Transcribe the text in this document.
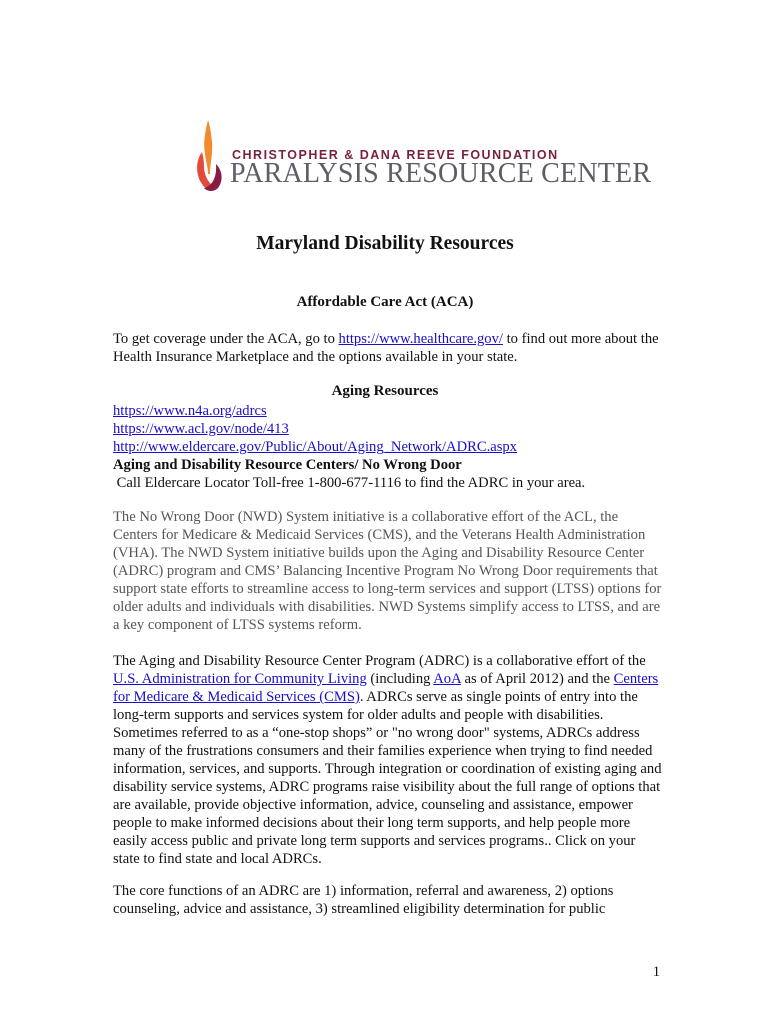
CHRISTOPHER & DANA REEVE FOUNDATION
PARALYSIS RESOURCE CENTER
Maryland Disability Resources
Affordable Care Act (ACA)
To get coverage under the ACA, go to https://www.healthcare.gov/ to find out more about the Health Insurance Marketplace and the options available in your state.
Aging Resources
https://www.n4a.org/adrcs
https://www.acl.gov/node/413
http://www.eldercare.gov/Public/About/Aging_Network/ADRC.aspx
Aging and Disability Resource Centers/ No Wrong Door
Call Eldercare Locator Toll-free 1-800-677-1116 to find the ADRC in your area.
The No Wrong Door (NWD) System initiative is a collaborative effort of the ACL, the Centers for Medicare & Medicaid Services (CMS), and the Veterans Health Administration (VHA). The NWD System initiative builds upon the Aging and Disability Resource Center (ADRC) program and CMS’ Balancing Incentive Program No Wrong Door requirements that support state efforts to streamline access to long-term services and support (LTSS) options for older adults and individuals with disabilities. NWD Systems simplify access to LTSS, and are a key component of LTSS systems reform.
The Aging and Disability Resource Center Program (ADRC) is a collaborative effort of the U.S. Administration for Community Living (including AoA as of April 2012) and the Centers for Medicare & Medicaid Services (CMS). ADRCs serve as single points of entry into the long-term supports and services system for older adults and people with disabilities. Sometimes referred to as a “one-stop shops” or "no wrong door" systems, ADRCs address many of the frustrations consumers and their families experience when trying to find needed information, services, and supports. Through integration or coordination of existing aging and disability service systems, ADRC programs raise visibility about the full range of options that are available, provide objective information, advice, counseling and assistance, empower people to make informed decisions about their long term supports, and help people more easily access public and private long term supports and services programs.. Click on your state to find state and local ADRCs.
The core functions of an ADRC are 1) information, referral and awareness, 2) options counseling, advice and assistance, 3) streamlined eligibility determination for public
1
